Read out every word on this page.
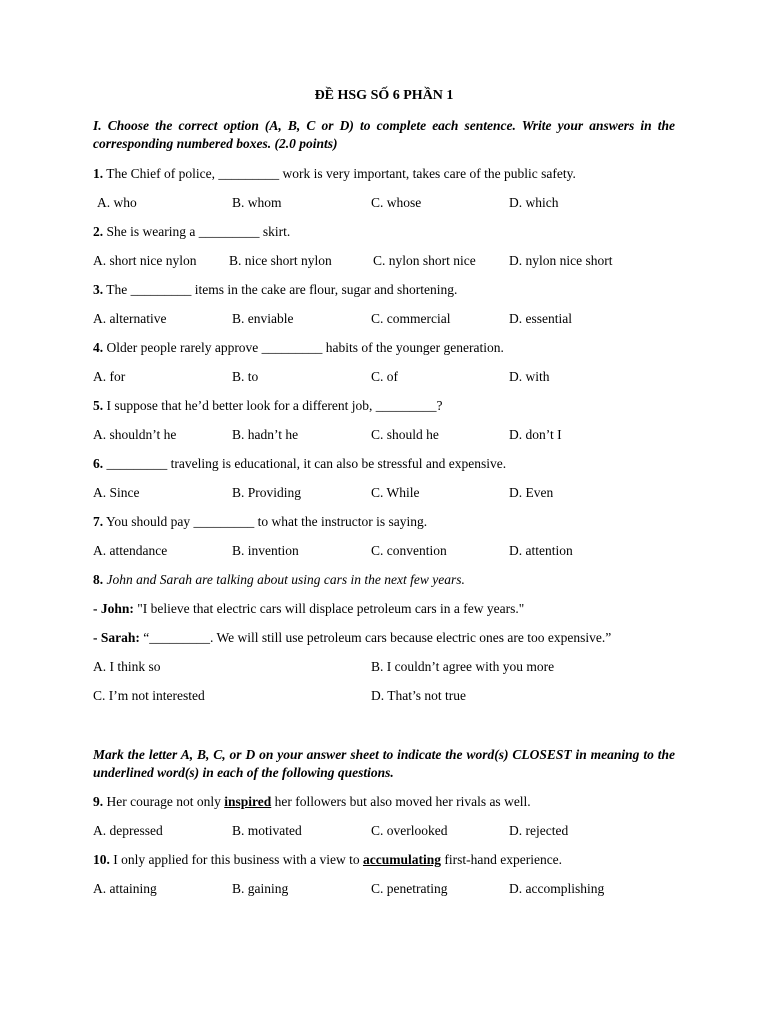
ĐỀ HSG SỐ 6 PHẦN 1
I. Choose the correct option (A, B, C or D) to complete each sentence. Write your answers in the corresponding numbered boxes. (2.0 points)
1. The Chief of police, _________ work is very important, takes care of the public safety.
A. who	B. whom	C. whose	D. which
2. She is wearing a _________ skirt.
A. short nice nylon B. nice short nylon	C. nylon short nice D. nylon nice short
3. The _________ items in the cake are flour, sugar and shortening.
A. alternative	B. enviable	C. commercial	D. essential
4. Older people rarely approve _________ habits of the younger generation.
A. for	B. to	C. of	D. with
5. I suppose that he’d better look for a different job, _________?
A. shouldn’t he	B. hadn’t he	C. should he	D. don’t I
6. _________ traveling is educational, it can also be stressful and expensive.
A. Since	B. Providing	C. While	D. Even
7. You should pay _________ to what the instructor is saying.
A. attendance	B. invention	C. convention	D. attention
8. John and Sarah are talking about using cars in the next few years.
- John: "I believe that electric cars will displace petroleum cars in a few years."
- Sarah: “_________. We will still use petroleum cars because electric ones are too expensive.”
A. I think so	B. I couldn’t agree with you more
C. I’m not interested	D. That’s not true
Mark the letter A, B, C, or D on your answer sheet to indicate the word(s) CLOSEST in meaning to the underlined word(s) in each of the following questions.
9. Her courage not only inspired her followers but also moved her rivals as well.
A. depressed	B. motivated	C. overlooked	D. rejected
10. I only applied for this business with a view to accumulating first-hand experience.
A. attaining	B. gaining	C. penetrating	D. accomplishing
